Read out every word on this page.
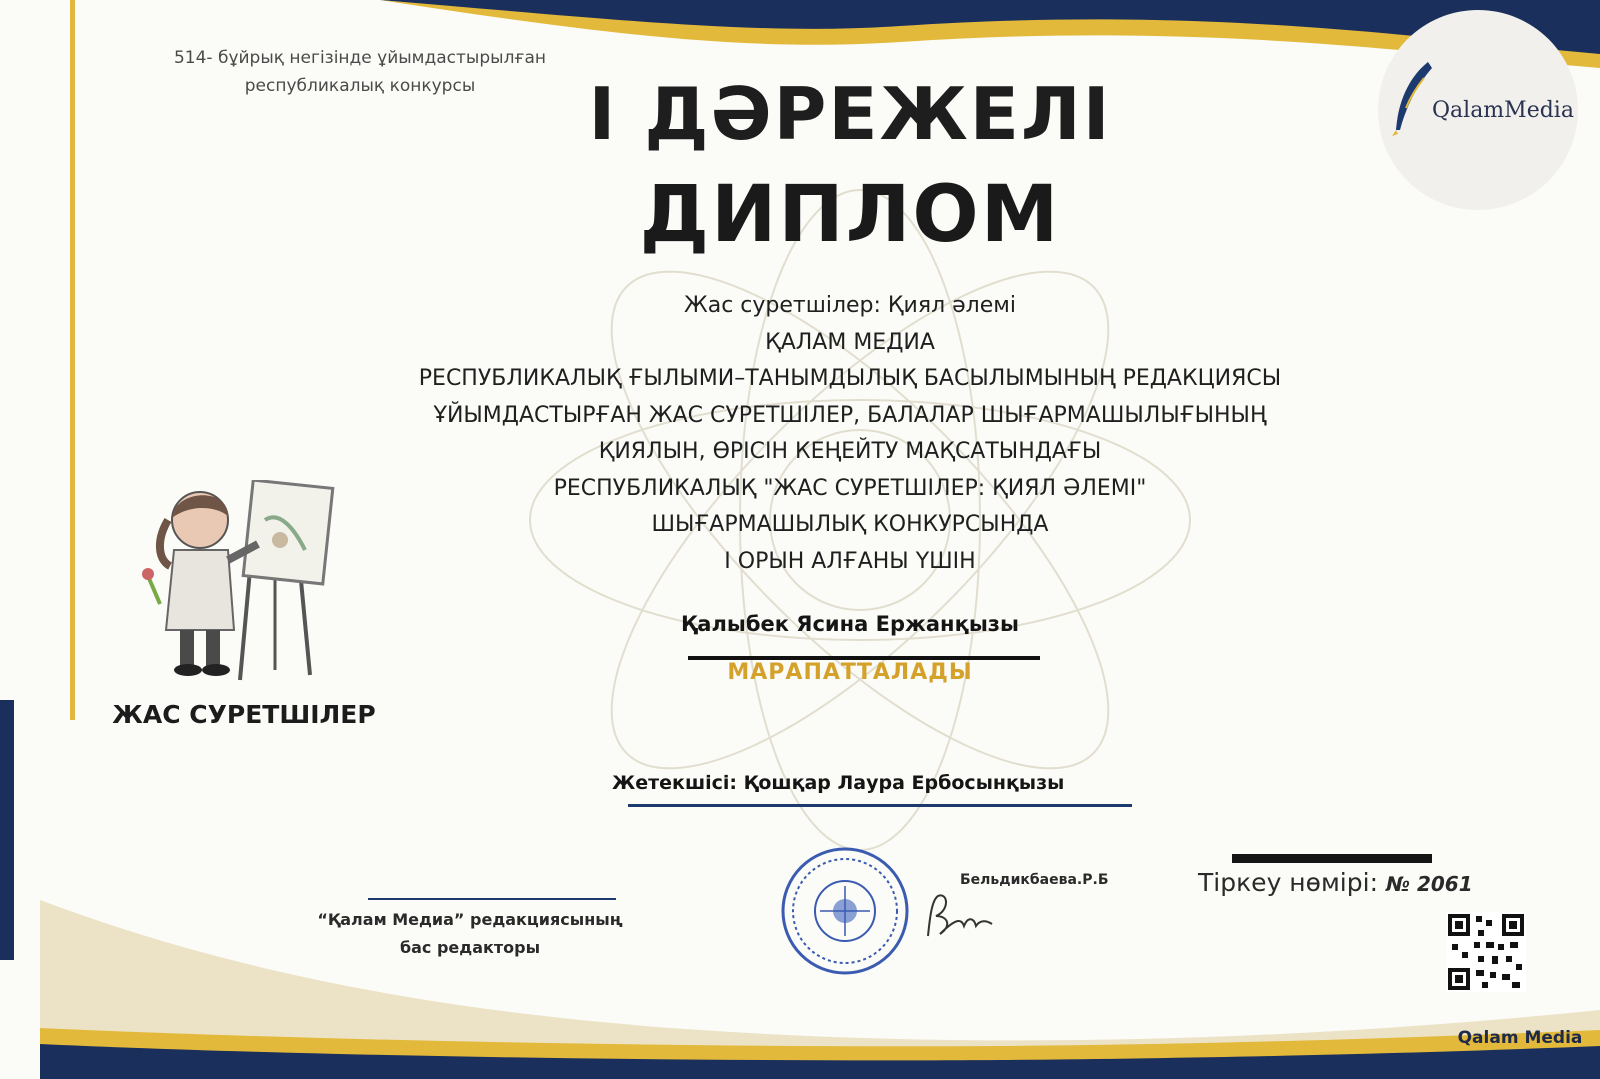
QalamMedia
514- бұйрық негізінде ұйымдастырылған
республикалық конкурсы	І ДӘРЕЖЕЛІ
ДИПЛОМ
Жас суретшілер: Қиял әлемі
ҚАЛАМ МЕДИА
РЕСПУБЛИКАЛЫҚ ҒЫЛЫМИ–ТАНЫМДЫЛЫҚ БАСЫЛЫМЫНЫҢ РЕДАКЦИЯСЫ
ҰЙЫМДАСТЫРҒАН ЖАС СУРЕТШІЛЕР, БАЛАЛАР ШЫҒАРМАШЫЛЫҒЫНЫҢ
ҚИЯЛЫН, ӨРІСІН КЕҢЕЙТУ МАҚСАТЫНДАҒЫ
РЕСПУБЛИКАЛЫҚ "ЖАС СУРЕТШІЛЕР: ҚИЯЛ ӘЛЕМІ"
ШЫҒАРМАШЫЛЫҚ КОНКУРСЫНДА
І ОРЫН АЛҒАНЫ ҮШІН
Қалыбек Ясина Ержанқызы
МАРАПАТТАЛАДЫ
Жетекшісі: Қошқар Лаура Ербосынқызы
ЖАС СУРЕТШІЛЕР
“Қалам Медиа” редакциясының
бас редакторы
Бельдикбаева.Р.Б	Тіркеу нөмірі: № 2061
Qalam Media
